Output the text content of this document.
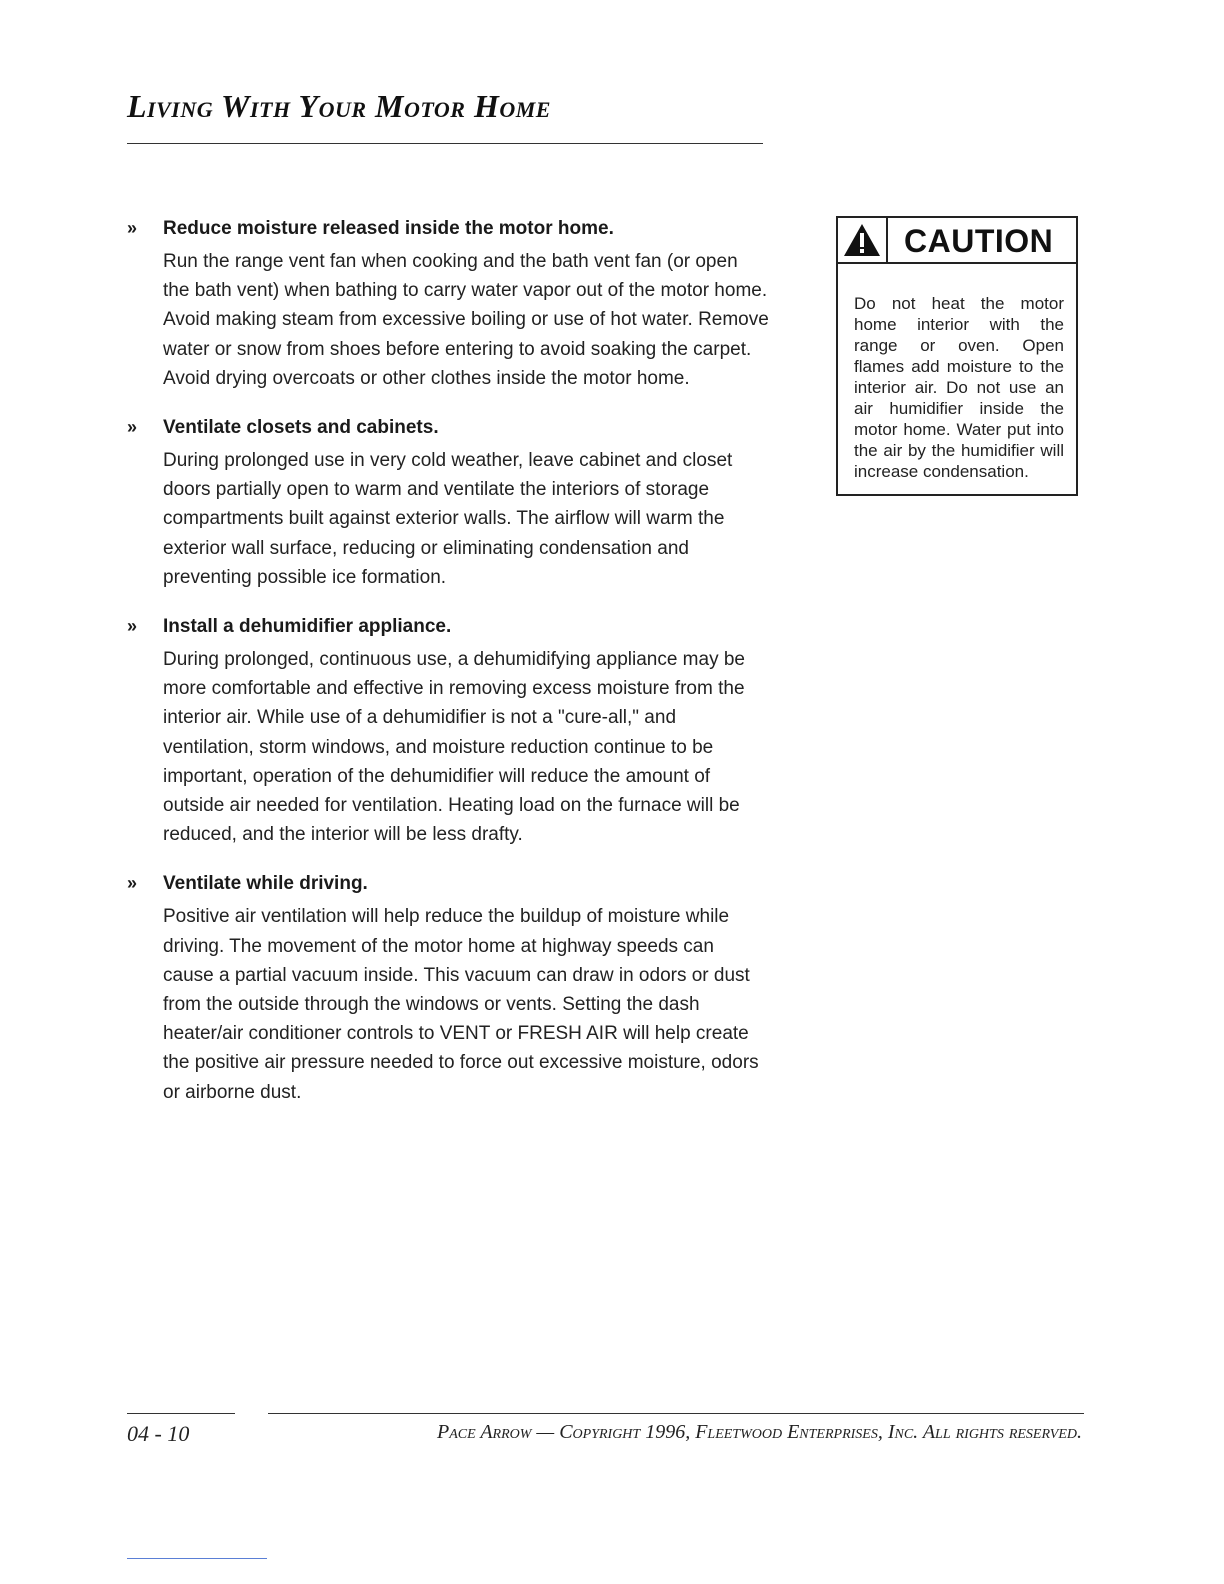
Living With Your Motor Home
»	Reduce moisture released inside the motor home.

Run the range vent fan when cooking and the bath vent fan (or open the bath vent) when bathing to carry water vapor out of the motor home. Avoid making steam from excessive boiling or use of hot water. Remove water or snow from shoes before entering to avoid soaking the carpet. Avoid drying overcoats or other clothes inside the motor home.

»	Ventilate closets and cabinets.

During prolonged use in very cold weather, leave cabinet and closet doors partially open to warm and ventilate the interiors of storage compartments built against exterior walls. The airflow will warm the exterior wall surface, reducing or eliminating condensation and preventing possible ice formation.

»	Install a dehumidifier appliance.

During prolonged, continuous use, a dehumidifying appliance may be more comfortable and effective in removing excess moisture from the interior air. While use of a dehumidifier is not a "cure-all," and ventilation, storm windows, and moisture reduction continue to be important, operation of the dehumidifier will reduce the amount of outside air needed for ventilation. Heating load on the furnace will be reduced, and the interior will be less drafty.

»	Ventilate while driving.

Positive air ventilation will help reduce the buildup of moisture while driving. The movement of the motor home at highway speeds can cause a partial vacuum inside. This vacuum can draw in odors or dust from the outside through the windows or vents. Setting the dash heater/air conditioner controls to VENT or FRESH AIR will help create the positive air pressure needed to force out excessive moisture, odors or airborne dust.

CAUTION

Do not heat the motor home interior with the range or oven. Open flames add moisture to the interior air. Do not use an air humidifier inside the motor home. Water put into the air by the humidifier will increase condensation.

04 - 10	Pace Arrow — Copyright 1996, Fleetwood Enterprises, Inc. All rights reserved.
